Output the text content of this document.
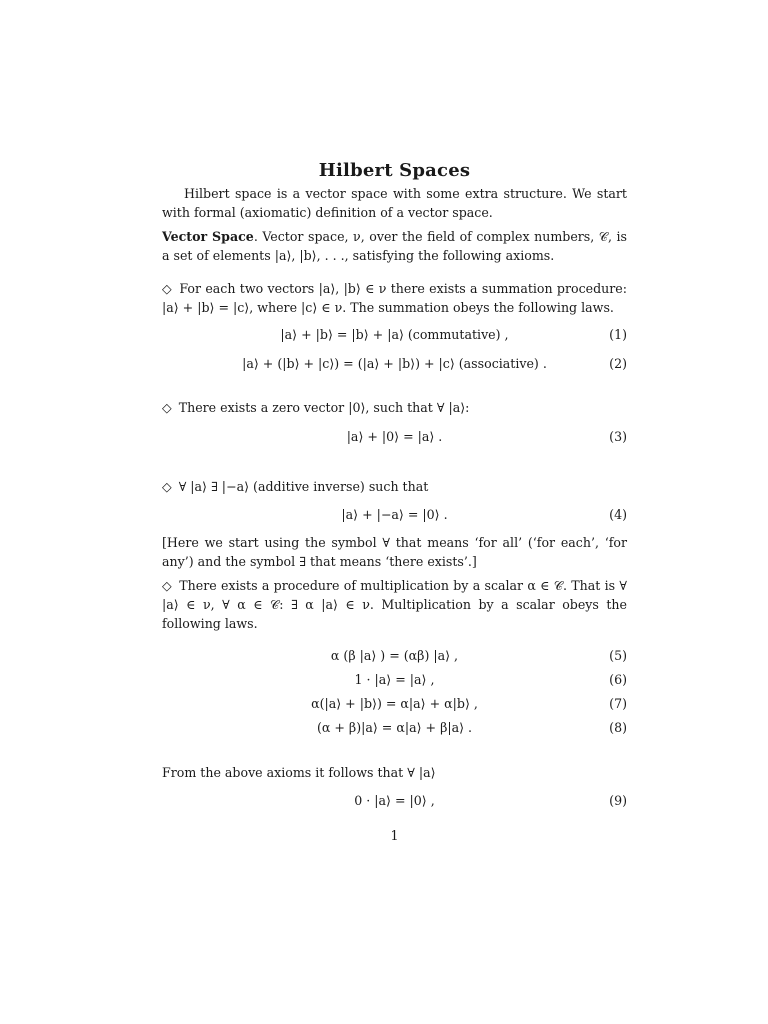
Hilbert Spaces

Hilbert space is a vector space with some extra structure. We start with formal (axiomatic) definition of a vector space.

Vector Space. Vector space, ν, over the field of complex numbers, 𝒞, is a set of elements |a⟩, |b⟩, . . ., satisfying the following axioms.

◇ For each two vectors |a⟩, |b⟩ ∈ ν there exists a summation procedure: |a⟩ + |b⟩ = |c⟩, where |c⟩ ∈ ν. The summation obeys the following laws.

|a⟩ + |b⟩ = |b⟩ + |a⟩ (commutative) ,	(1)
|a⟩ + (|b⟩ + |c⟩) = (|a⟩ + |b⟩) + |c⟩ (associative) .	(2)

◇ There exists a zero vector |0⟩, such that ∀ |a⟩:

|a⟩ + |0⟩ = |a⟩ .	(3)

◇ ∀ |a⟩ ∃ |−a⟩ (additive inverse) such that

|a⟩ + |−a⟩ = |0⟩ .	(4)

[Here we start using the symbol ∀ that means ‘for all’ (‘for each’, ‘for any’) and the symbol ∃ that means ‘there exists’.]

◇ There exists a procedure of multiplication by a scalar α ∈ 𝒞. That is ∀ |a⟩ ∈ ν, ∀ α ∈ 𝒞: ∃ α |a⟩ ∈ ν. Multiplication by a scalar obeys the following laws.

α (β |a⟩ ) = (αβ) |a⟩ ,	(5)
1 · |a⟩ = |a⟩ ,	(6)
α(|a⟩ + |b⟩) = α|a⟩ + α|b⟩ ,	(7)
(α + β)|a⟩ = α|a⟩ + β|a⟩ .	(8)

From the above axioms it follows that ∀ |a⟩

0 · |a⟩ = |0⟩ ,	(9)
1
